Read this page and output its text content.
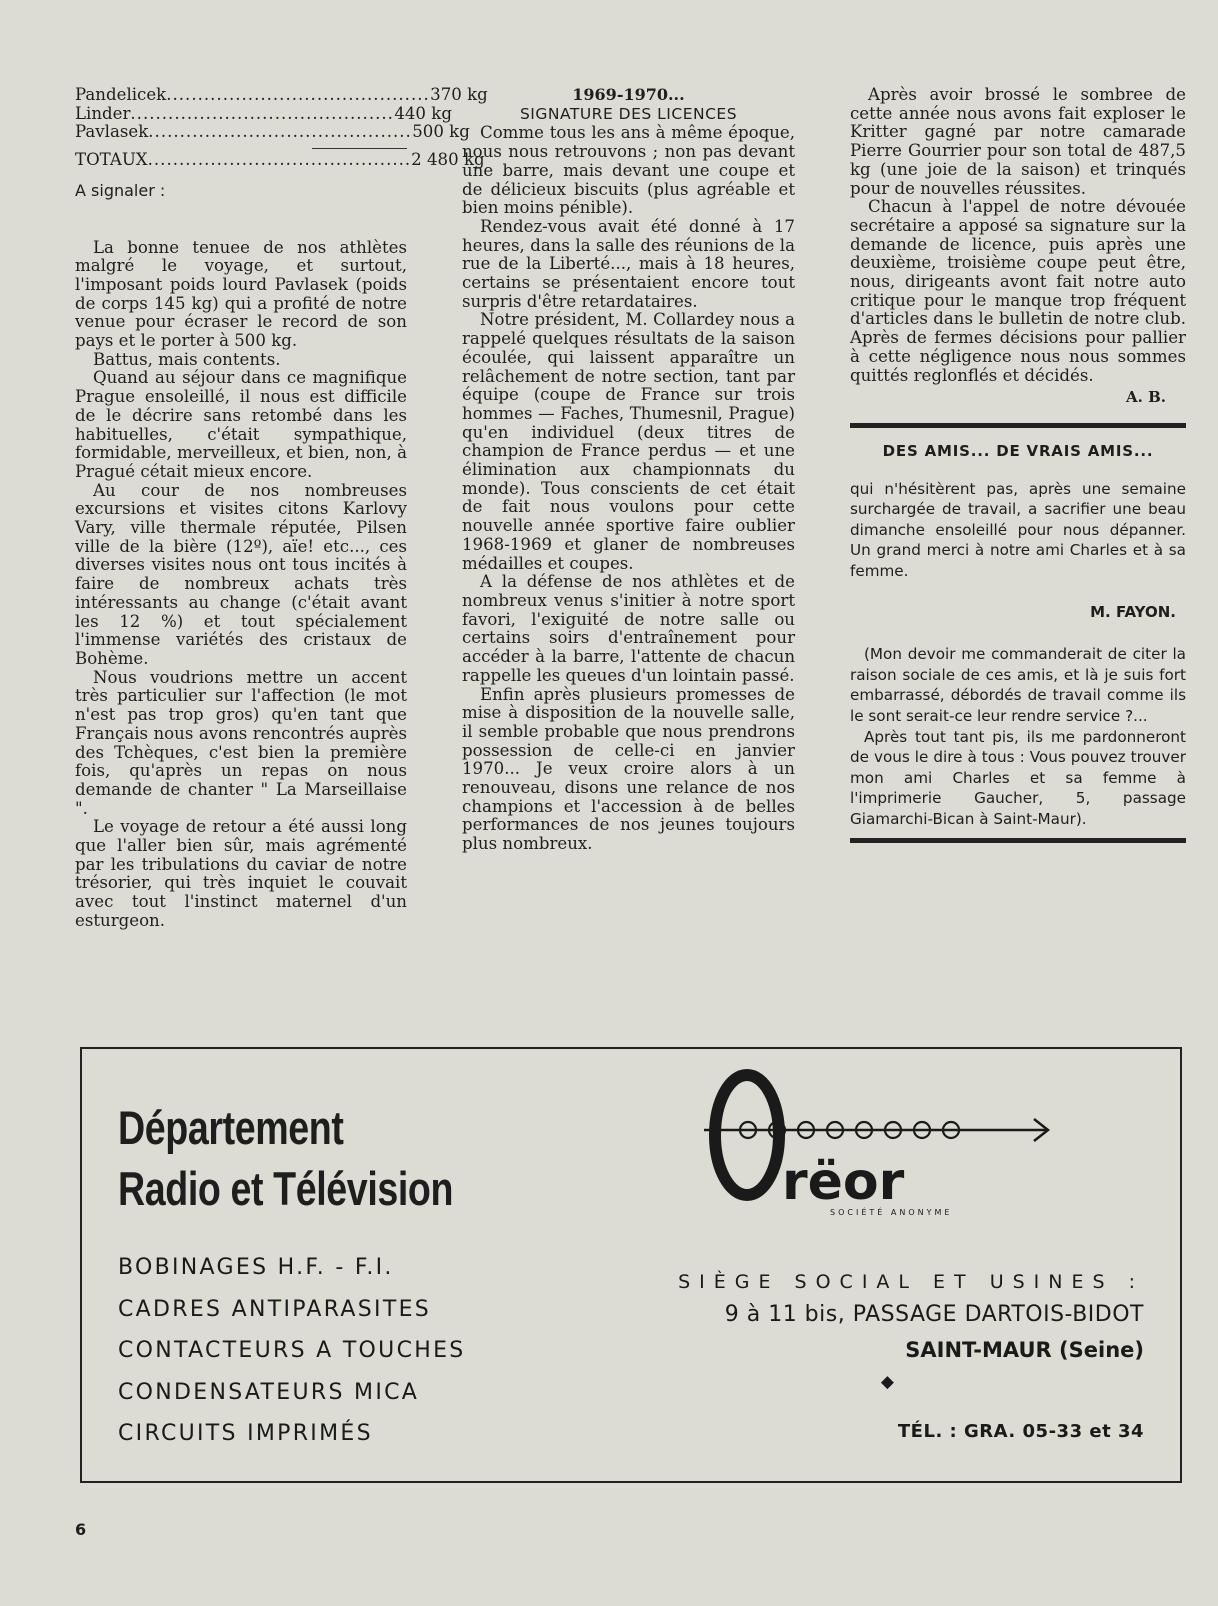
Pandelicek .......................................... 370 kg
Linder .......................................... 440 kg
Pavlasek .......................................... 500 kg
TOTAUX .......................................... 2 480 kg
A signaler :

La bonne tenuee de nos athlètes malgré le voyage, et surtout, l'imposant poids lourd Pavlasek (poids de corps 145 kg) qui a profité de notre venue pour écraser le record de son pays et le porter à 500 kg.

Battus, mais contents.

Quand au séjour dans ce magnifique Prague ensoleillé, il nous est difficile de le décrire sans retombé dans les habituelles, c'était sympathique, formidable, merveilleux, et bien, non, à Pragué cétait mieux encore.

Au cour de nos nombreuses excursions et visites citons Karlovy Vary, ville thermale réputée, Pilsen ville de la bière (12º), aïe! etc..., ces diverses visites nous ont tous incités à faire de nombreux achats très intéressants au change (c'était avant les 12 %) et tout spécialement l'immense variétés des cristaux de Bohème.

Nous voudrions mettre un accent très particulier sur l'affection (le mot n'est pas trop gros) qu'en tant que Français nous avons rencontrés auprès des Tchèques, c'est bien la première fois, qu'après un repas on nous demande de chanter " La Marseillaise ".

Le voyage de retour a été aussi long que l'aller bien sûr, mais agrémenté par les tribulations du caviar de notre trésorier, qui très inquiet le couvait avec tout l'instinct maternel d'un esturgeon.

1969-1970...
SIGNATURE DES LICENCES

Comme tous les ans à même époque, nous nous retrouvons ; non pas devant une barre, mais devant une coupe et de délicieux biscuits (plus agréable et bien moins pénible).

Rendez-vous avait été donné à 17 heures, dans la salle des réunions de la rue de la Liberté..., mais à 18 heures, certains se présentaient encore tout surpris d'être retardataires.

Notre président, M. Collardey nous a rappelé quelques résultats de la saison écoulée, qui laissent apparaître un relâchement de notre section, tant par équipe (coupe de France sur trois hommes — Faches, Thumesnil, Prague) qu'en individuel (deux titres de champion de France perdus — et une élimination aux championnats du monde). Tous conscients de cet était de fait nous voulons pour cette nouvelle année sportive faire oublier 1968-1969 et glaner de nombreuses médailles et coupes.

A la défense de nos athlètes et de nombreux venus s'initier à notre sport favori, l'exiguité de notre salle ou certains soirs d'entraînement pour accéder à la barre, l'attente de chacun rappelle les queues d'un lointain passé.

Enfin après plusieurs promesses de mise à disposition de la nouvelle salle, il semble probable que nous prendrons possession de celle-ci en janvier 1970... Je veux croire alors à un renouveau, disons une relance de nos champions et l'accession à de belles performances de nos jeunes toujours plus nombreux.

Après avoir brossé le sombree de cette année nous avons fait exploser le Kritter gagné par notre camarade Pierre Gourrier pour son total de 487,5 kg (une joie de la saison) et trinqués pour de nouvelles réussites.

Chacun à l'appel de notre dévouée secrétaire a apposé sa signature sur la demande de licence, puis après une deuxième, troisième coupe peut être, nous, dirigeants avont fait notre auto critique pour le manque trop fréquent d'articles dans le bulletin de notre club. Après de fermes décisions pour pallier à cette négligence nous nous sommes quittés reglonflés et décidés.

A. B.
DES AMIS... DE VRAIS AMIS...

qui n'hésitèrent pas, après une semaine surchargée de travail, a sacrifier une beau dimanche ensoleillé pour nous dépanner. Un grand merci à notre ami Charles et à sa femme.

M. FAYON.

(Mon devoir me commanderait de citer la raison sociale de ces amis, et là je suis fort embarrassé, débordés de travail comme ils le sont serait-ce leur rendre service ?...

Après tout tant pis, ils me pardonneront de vous le dire à tous : Vous pouvez trouver mon ami Charles et sa femme à l'imprimerie Gaucher, 5, passage Giamarchi-Bican à Saint-Maur).

Département
Radio et Télévision
BOBINAGES H.F. - F.I.
CADRES ANTIPARASITES
CONTACTEURS A TOUCHES
CONDENSATEURS MICA
CIRCUITS IMPRIMÉS
rëor
SOCIÉTÉ ANONYME
SIÈGE SOCIAL ET USINES :
9 à 11 bis, PASSAGE DARTOIS-BIDOT
SAINT-MAUR (Seine)
◆
TÉL. : GRA. 05-33 et 34
6
